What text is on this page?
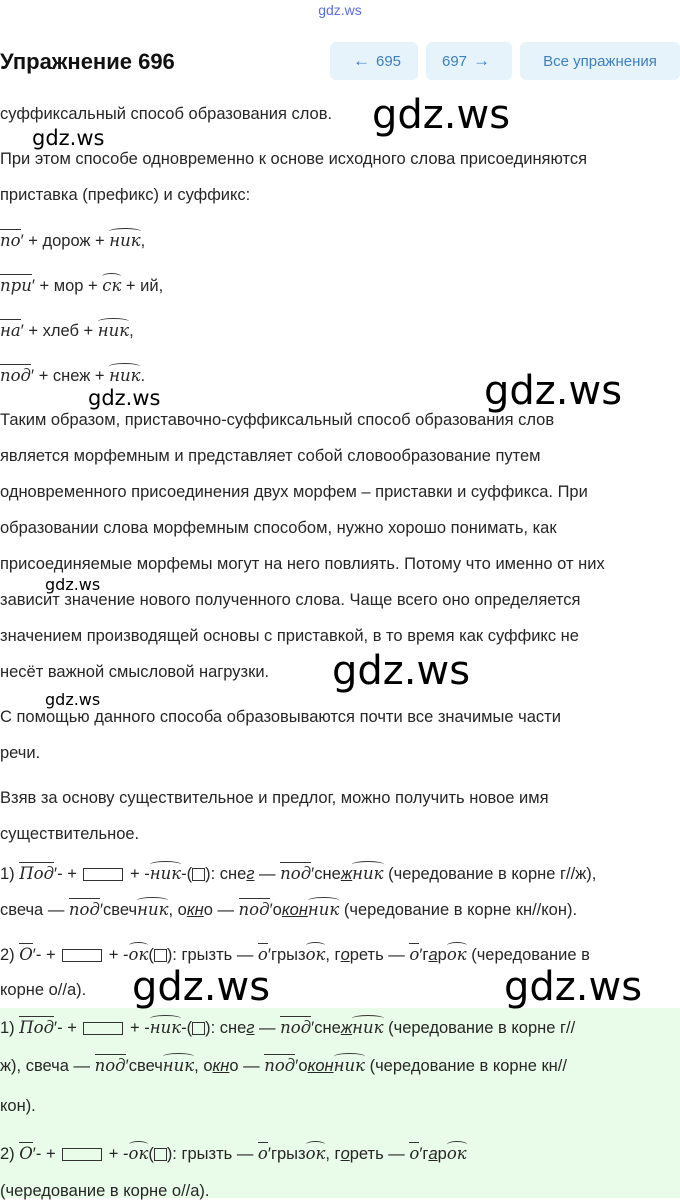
gdz.ws
Упражнение 696	← 695	697 →	Все упражнения
суффиксальный способ образования слов.
При этом способе одновременно к основе исходного слова присоединяются
приставка (префикс) и суффикс:
по′ + дорож + ник,
при′ + мор + ск + ий,
на′ + хлеб + ник,
под′ + снеж + ник.
Таким образом, приставочно-суффиксальный способ образования слов
является морфемным и представляет собой словообразование путем
одновременного присоединения двух морфем – приставки и суффикса. При
образовании слова морфемным способом, нужно хорошо понимать, как
присоединяемые морфемы могут на него повлиять. Потому что именно от них
зависит значение нового полученного слова. Чаще всего оно определяется
значением производящей основы с приставкой, в то время как суффикс не
несёт важной смысловой нагрузки.
С помощью данного способа образовываются почти все значимые части
речи.
Взяв за основу существительное и предлог, можно получить новое имя
существительное.
1) Под′- +	+ -ник-( ): снег — под′снежник (чередование в корне г//ж),
свеча — под′свечник, окно — под′оконник (чередование в корне кн//кон).
2) О′- +	+ -ок( ): грызть — о′грызок, гореть — о′гарок (чередование в
корне о//а).
1) Под′- +	+ -ник-( ): снег — под′снежник (чередование в корне г//
ж), свеча — под′свечник, окно — под′оконник (чередование в корне кн//
кон).
2) О′- +	+ -ок( ): грызть — о′грызок, гореть — о′гарок
(чередование в корне о//а).
gdz.ws
gdz.ws
gdz.ws
gdz.ws
gdz.ws
gdz.ws
gdz.ws
gdz.ws	gdz.ws
